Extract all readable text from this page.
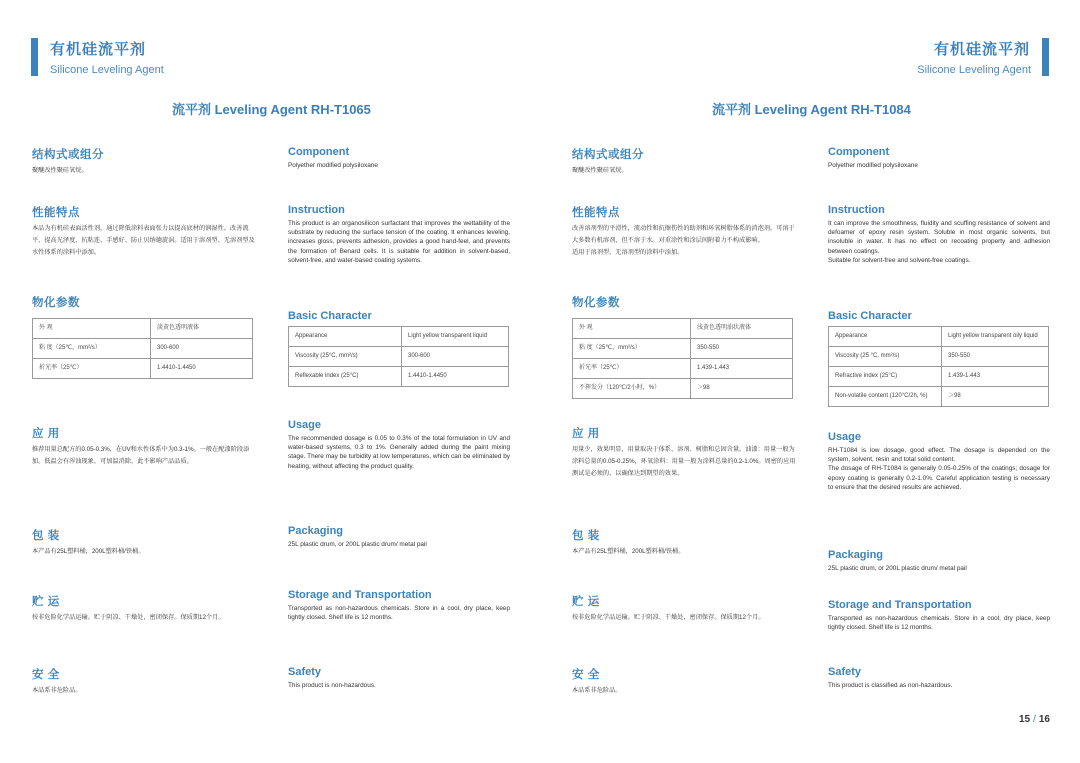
有机硅流平剂
Silicone Leveling Agent
流平剂 Leveling Agent RH-T1065
结构式或组分

聚醚改性聚硅氧烷。

Component

Polyether modified polysiloxane

性能特点

本品为有机硅表面活性剂，通过降低涂料表面张力以提高底材的润湿性。改善流平、提高光泽度、抗粘连、手感好、防止贝纳德旋涡。适用于溶剂型、无溶剂型及水性体系的涂料中添加。

Instruction

This product is an organosilicon surfactant that improves the wettability of the substrate by reducing the surface tension of the coating. It enhances leveling, increases gloss, prevents adhesion, provides a good hand-feel, and prevents the formation of Benard cells. It is suitable for addition in solvent-based, solvent-free, and water-based coating systems.

物化参数
外 观	淡黄色透明液体
粘 度（25℃，mm²/s）	300-600
折光率（25℃）	1.4410-1.4450
Basic Character
Appearance	Light yellow transparent liquid
Viscosity (25°C, mm²/s)	300-600
Reflexable index (25°C)	1.4410-1.4450
应 用

推荐用量总配方的0.05-0.3%，在UV和水性体系中为0.3-1%。一般在配漆阶段添加。低温会有浑浊现象，可加温消除，此不影响产品品质。

Usage

The recommended dosage is 0.05 to 0.3% of the total formulation in UV and water-based systems, 0.3 to 1%. Generally added during the paint mixing stage. There may be turbidity at low temperatures, which can be eliminated by heating, without affecting the product quality.

包 装

本产品有25L塑料桶，200L塑料桶/铁桶。

Packaging

25L plastic drum, or 200L plastic drum/ metal pail

贮 运

按非危险化学品运输。贮于阴凉、干燥处，密闭保存。保质期12个月。

Storage and Transportation

Transported as non-hazardous chemicals. Store in a cool, dry place, keep tightly closed. Shelf life is 12 months.

安 全

本品系非危险品。

Safety

This product is non-hazardous.

有机硅流平剂
Silicone Leveling Agent
流平剂 Leveling Agent RH-T1084
结构式或组分

聚醚改性聚硅氧烷。

Component

Polyether modified polysiloxane

性能特点

改善溶剂型的平滑性，流动性和抗擦伤性的助剂和环氧树脂体系的消泡剂。可溶于大多数有机溶剂，但不溶于水。对重涂性和涂层间附着力不构成影响。

适用于溶剂型、无溶剂型的涂料中添加。

Instruction

It can improve the smoothness, fluidity and scuffing resistance of solvent and defoamer of epoxy resin system. Soluble in most organic solvents, but insoluble in water. It has no effect on recoating property and adhesion between coatings.

Suitable for solvent-free and solvent-free coatings.

物化参数
外 观	浅黄色透明油状液体
粘 度（25℃，mm²/s）	350-550
折光率（25℃）	1.439-1.443
不挥发分（120℃/2小时，%）	＞98
Basic Character
Appearance	Light yellow transparent oily liquid
Viscosity (25 °C, mm²/s)	350-550
Refractive index (25°C)	1.439-1.443
Non-volatile content (120°C/2h, %)	＞98
应 用

用量少，效果明显，用量取决于体系、溶剂、树脂和总固含量。油漆：用量一般为涂料总量的0.05-0.25%，环氧涂料：用量一般为涂料总量的0.2-1.0%。周密的应用测试是必须的，以确保达到期望的效果。

Usage

RH-T1084 is low dosage, good effect. The dosage is depended on the system, solvent, resin and total solid content.

The dosage of RH-T1084 is generally 0.05-0.25% of the coatings; dosage for epoxy coating is generally 0.2-1.0%. Careful application testing is necessary to ensure that the desired results are achieved.

包 装

本产品有25L塑料桶，200L塑料桶/铁桶。	Packaging

25L plastic drum, or 200L plastic drum/ metal pail

贮 运

按非危险化学品运输。贮于阴凉、干燥处，密闭保存。保质期12个月。

Storage and Transportation

Transported as non-hazardous chemicals. Store in a cool, dry place, keep tightly closed. Shelf life is 12 months.

安 全

本品系非危险品。

Safety

This product is classified as non-hazardous.

15 / 16
